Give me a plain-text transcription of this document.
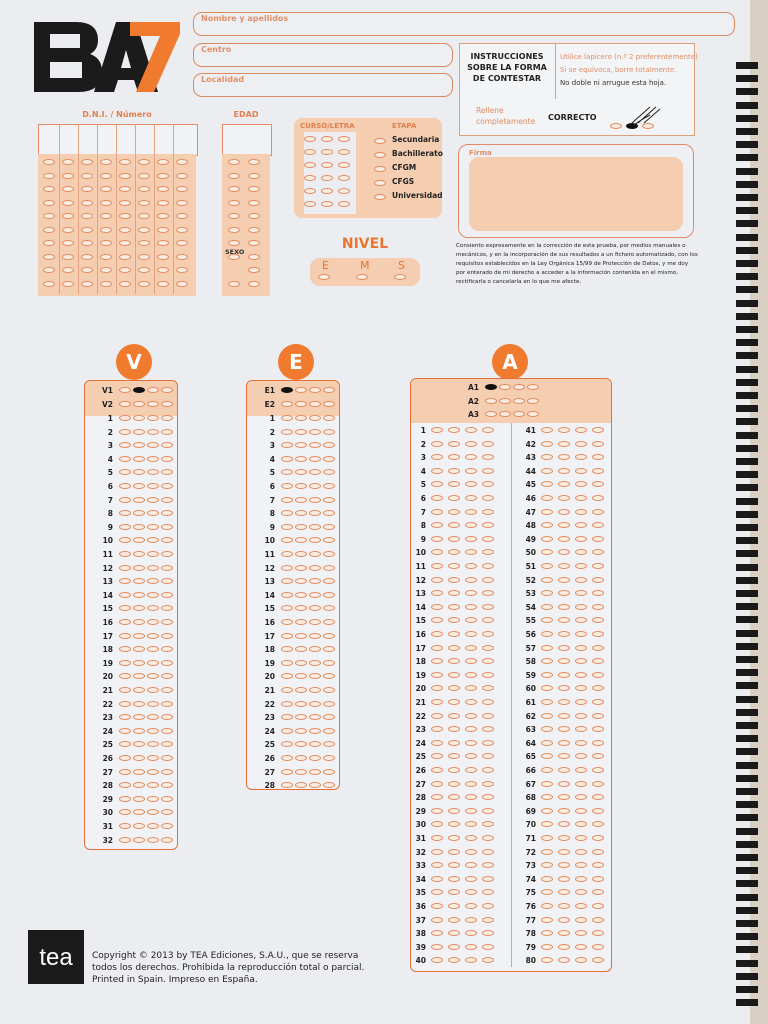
Nombre y apellidos
Centro
Localidad
INSTRUCCIONES SOBRE LA FORMA DE CONTESTAR
Utilice lapicero (n.º 2 preferentemente)
Si se equivoca, borre totalmente.
No doble ni arrugue esta hoja.
Rellene completamente	CORRECTO
Firma
Consiento expresamente en la corrección de esta prueba, por medios manuales o mecánicos, y en la incorporación de sus resultados a un fichero automatizado, con los requisitos establecidos en la Ley Orgánica 15/99 de Protección de Datos, y me doy por enterado de mi derecho a acceder a la información contenida en el mismo, rectificarla o cancelarla en lo que me afecte.
D.N.I. / Número	EDAD
SEXO
CURSO/LETRA	ETAPA
Secundaria
Bachillerato
CFGM
CFGS
Universidad
NIVEL
E	M	S
V	E	A
V1
V2
1
2
3
4
5
6
7
8
9
10
11
12
13
14
15
16
17
18
19
20
21
22
23
24
25
26
27
28
29
30
31
32
E1
E2
1
2
3
4
5
6
7
8
9
10
11
12
13
14
15
16
17
18
19
20
21
22
23
24
25
26
27
28
A1
A2
A3
1	41
2	42
3	43
4	44
5	45
6	46
7	47
8	48
9	49
10	50
11	51
12	52
13	53
14	54
15	55
16	56
17	57
18	58
19	59
20	60
21	61
22	62
23	63
24	64
25	65
26	66
27	67
28	68
29	69
30	70
31	71
32	72
33	73
34	74
35	75
36	76
37	77
38	78
39	79
40	80
tea	Copyright © 2013 by TEA Ediciones, S.A.U., que se reserva
todos los derechos. Prohibida la reproducción total o parcial.
Printed in Spain. Impreso en España.
